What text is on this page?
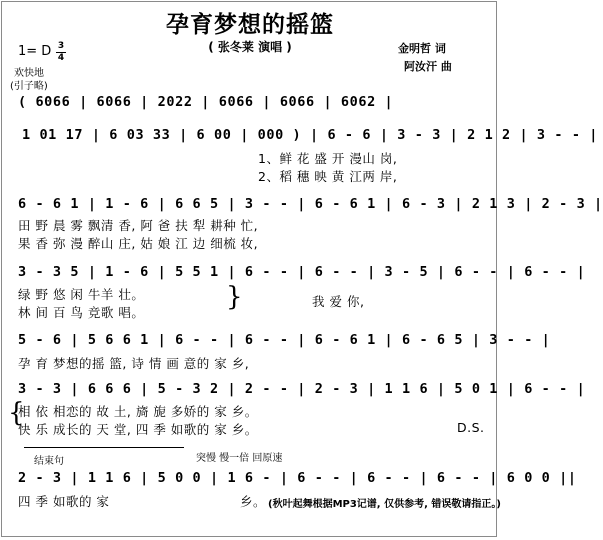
孕育梦想的摇篮
( 张冬莱 演唱 )	金明哲 词
阿汝汗 曲
1= D 3
4
欢快地
(引子略)
( 6066 | 6066 | 2022 | 6066 | 6066 | 6062 |
1 01 17 | 6 03 33 | 6 00 | 000 ) | 6 - 6 | 3 - 3 | 2 1 2 | 3 - - |
1、鲜 花 盛 开 漫山 岗,
2、稻 穗 映 黄 江两 岸,
6 - 6 1 | 1 - 6 | 6 6 5 | 3 - - | 6 - 6 1 | 6 - 3 | 2 1 3 | 2 - 3 |
田 野 晨 雾 飘清 香, 阿 爸 扶 犁 耕种 忙,
果 香 弥 漫 醉山 庄, 姑 娘 江 边 细梳 妆,
3 - 3 5 | 1 - 6 | 5 5 1 | 6 - - | 6 - - | 3 - 5 | 6 - - | 6 - - |
绿 野 悠 闲 牛羊 壮。
林 间 百 鸟 竞歌 唱。
}	我 爱 你,
5 - 6 | 5 6 6 1 | 6 - - | 6 - - | 6 - 6 1 | 6 - 6 5 | 3 - - |
孕 育 梦想的摇 篮, 诗 情 画 意的 家 乡,
3 - 3 | 6 6 6 | 5 - 3 2 | 2 - - | 2 - 3 | 1 1 6 | 5 0 1 | 6 - - |
{
相 依 相恋的 故 土, 旖 旎 多娇的 家 乡。
快 乐 成长的 天 堂, 四 季 如歌的 家 乡。	D.S.
结束句	突慢 慢一倍 回原速
2 - 3 | 1 1 6 | 5 0 0 | 1 6 - | 6 - - | 6 - - | 6 - - | 6 0 0 ||
四 季 如歌的 家	乡。 (秋叶起舞根据MP3记谱, 仅供参考, 错误敬请指正。)
